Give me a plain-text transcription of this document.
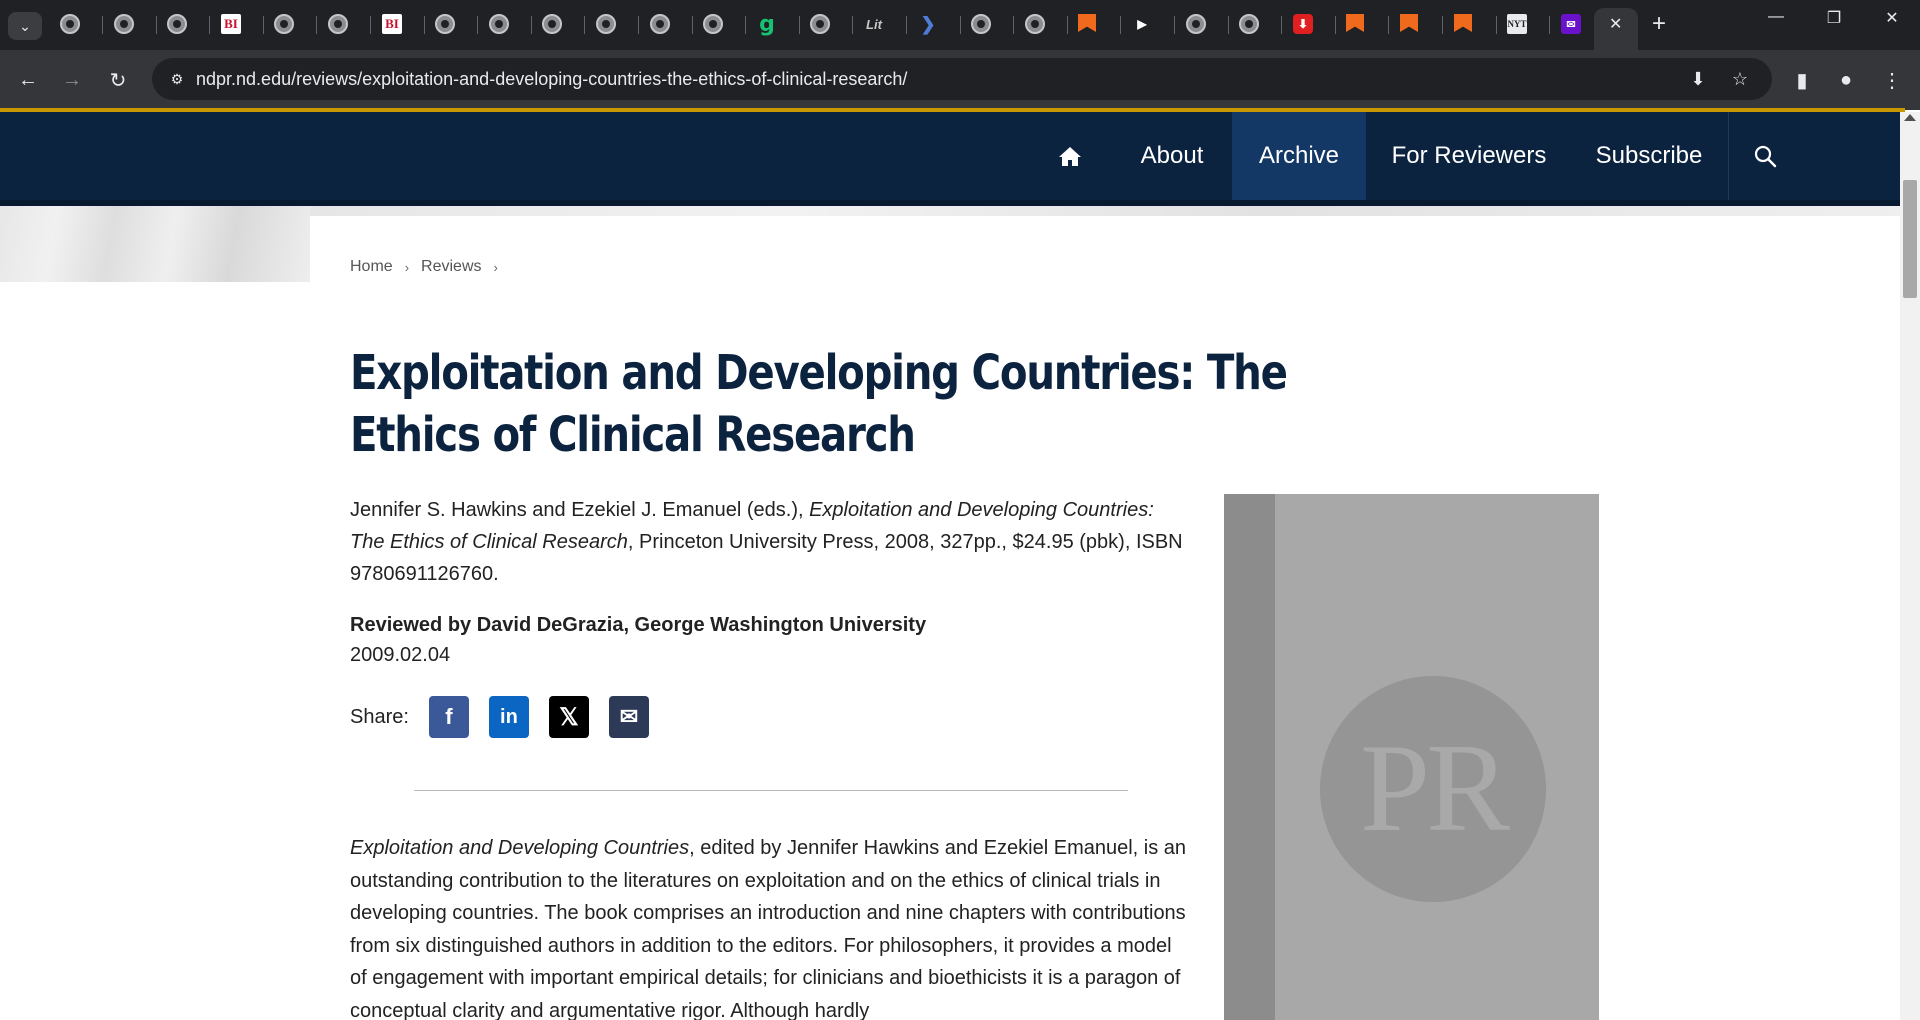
⌄	BI	BI	g	Lit ❯	▶	⬇	NYT	✉	✕ +	—	❐	✕
←	→	↻	⚙ ndpr.nd.edu/reviews/exploitation-and-developing-countries-the-ethics-of-clinical-research/	⬇ ☆	▮	●	⋮
About	Archive	For Reviewers	Subscribe
Home › Reviews ›
Exploitation and Developing Countries: The Ethics of Clinical Research

Jennifer S. Hawkins and Ezekiel J. Emanuel (eds.), Exploitation and Developing Countries: The Ethics of Clinical Research, Princeton University Press, 2008, 327pp., $24.95 (pbk), ISBN 9780691126760.

Reviewed by David DeGrazia, George Washington University
2009.02.04
Share: f in 𝕏 ✉

Exploitation and Developing Countries, edited by Jennifer Hawkins and Ezekiel Emanuel, is an outstanding contribution to the literatures on exploitation and on the ethics of clinical trials in developing countries. The book comprises an introduction and nine chapters with contributions from six distinguished authors in addition to the editors. For philosophers, it provides a model of engagement with important empirical details; for clinicians and bioethicists it is a paragon of conceptual clarity and argumentative rigor. Although hardly

PR
